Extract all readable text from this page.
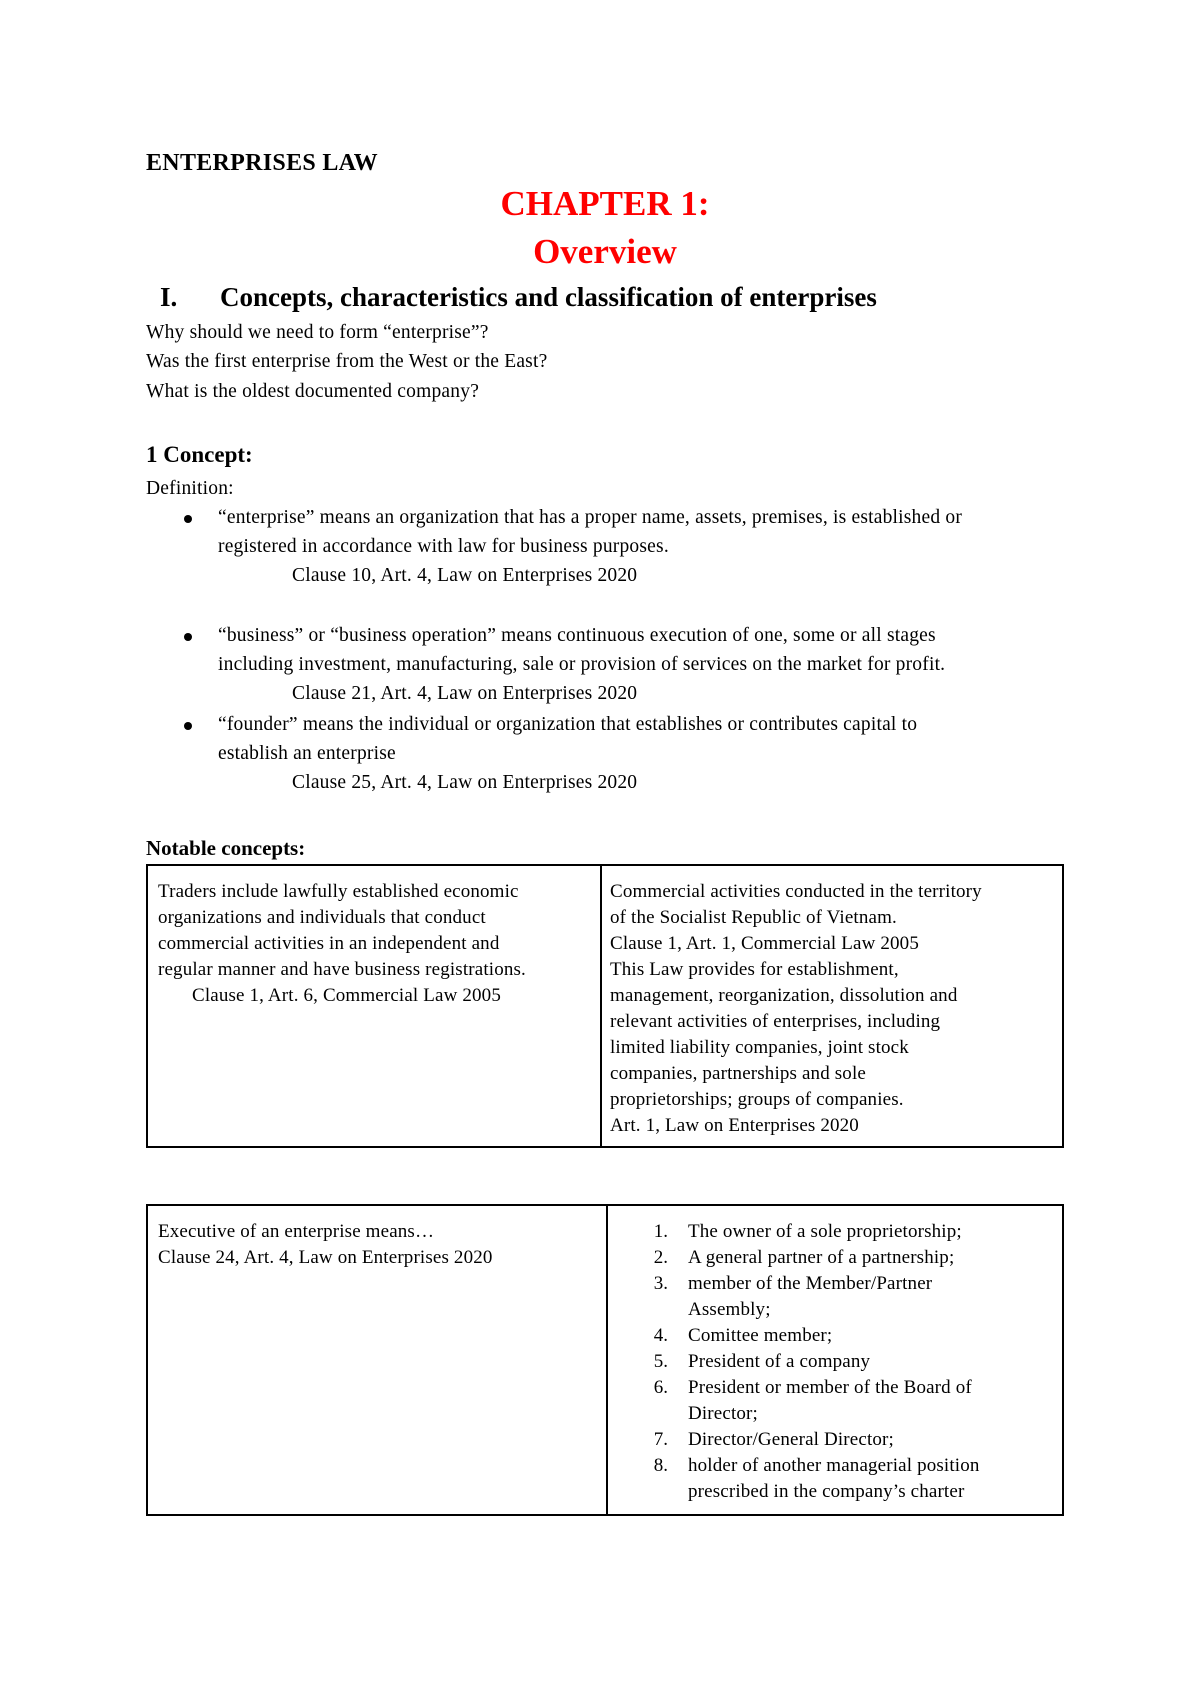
ENTERPRISES LAW
CHAPTER 1:
Overview
I. Concepts, characteristics and classification of enterprises
Why should we need to form “enterprise”?
Was the first enterprise from the West or the East?
What is the oldest documented company?
1 Concept:
Definition:
“enterprise” means an organization that has a proper name, assets, premises, is established or
registered in accordance with law for business purposes.
Clause 10, Art. 4, Law on Enterprises 2020
“business” or “business operation” means continuous execution of one, some or all stages
including investment, manufacturing, sale or provision of services on the market for profit.
Clause 21, Art. 4, Law on Enterprises 2020
“founder” means the individual or organization that establishes or contributes capital to
establish an enterprise
Clause 25, Art. 4, Law on Enterprises 2020
Notable concepts:
Traders include lawfully established economic
organizations and individuals that conduct
commercial activities in an independent and
regular manner and have business registrations.
Clause 1, Art. 6, Commercial Law 2005
Commercial activities conducted in the territory
of the Socialist Republic of Vietnam.
Clause 1, Art. 1, Commercial Law 2005
This Law provides for establishment,
management, reorganization, dissolution and
relevant activities of enterprises, including
limited liability companies, joint stock
companies, partnerships and sole
proprietorships; groups of companies.
Art. 1, Law on Enterprises 2020
Executive of an enterprise means…
Clause 24, Art. 4, Law on Enterprises 2020
1. The owner of a sole proprietorship;
2. A general partner of a partnership;
3. member of the Member/Partner
Assembly;
4. Comittee member;
5. President of a company
6. President or member of the Board of
Director;
7. Director/General Director;
8. holder of another managerial position
prescribed in the company’s charter
